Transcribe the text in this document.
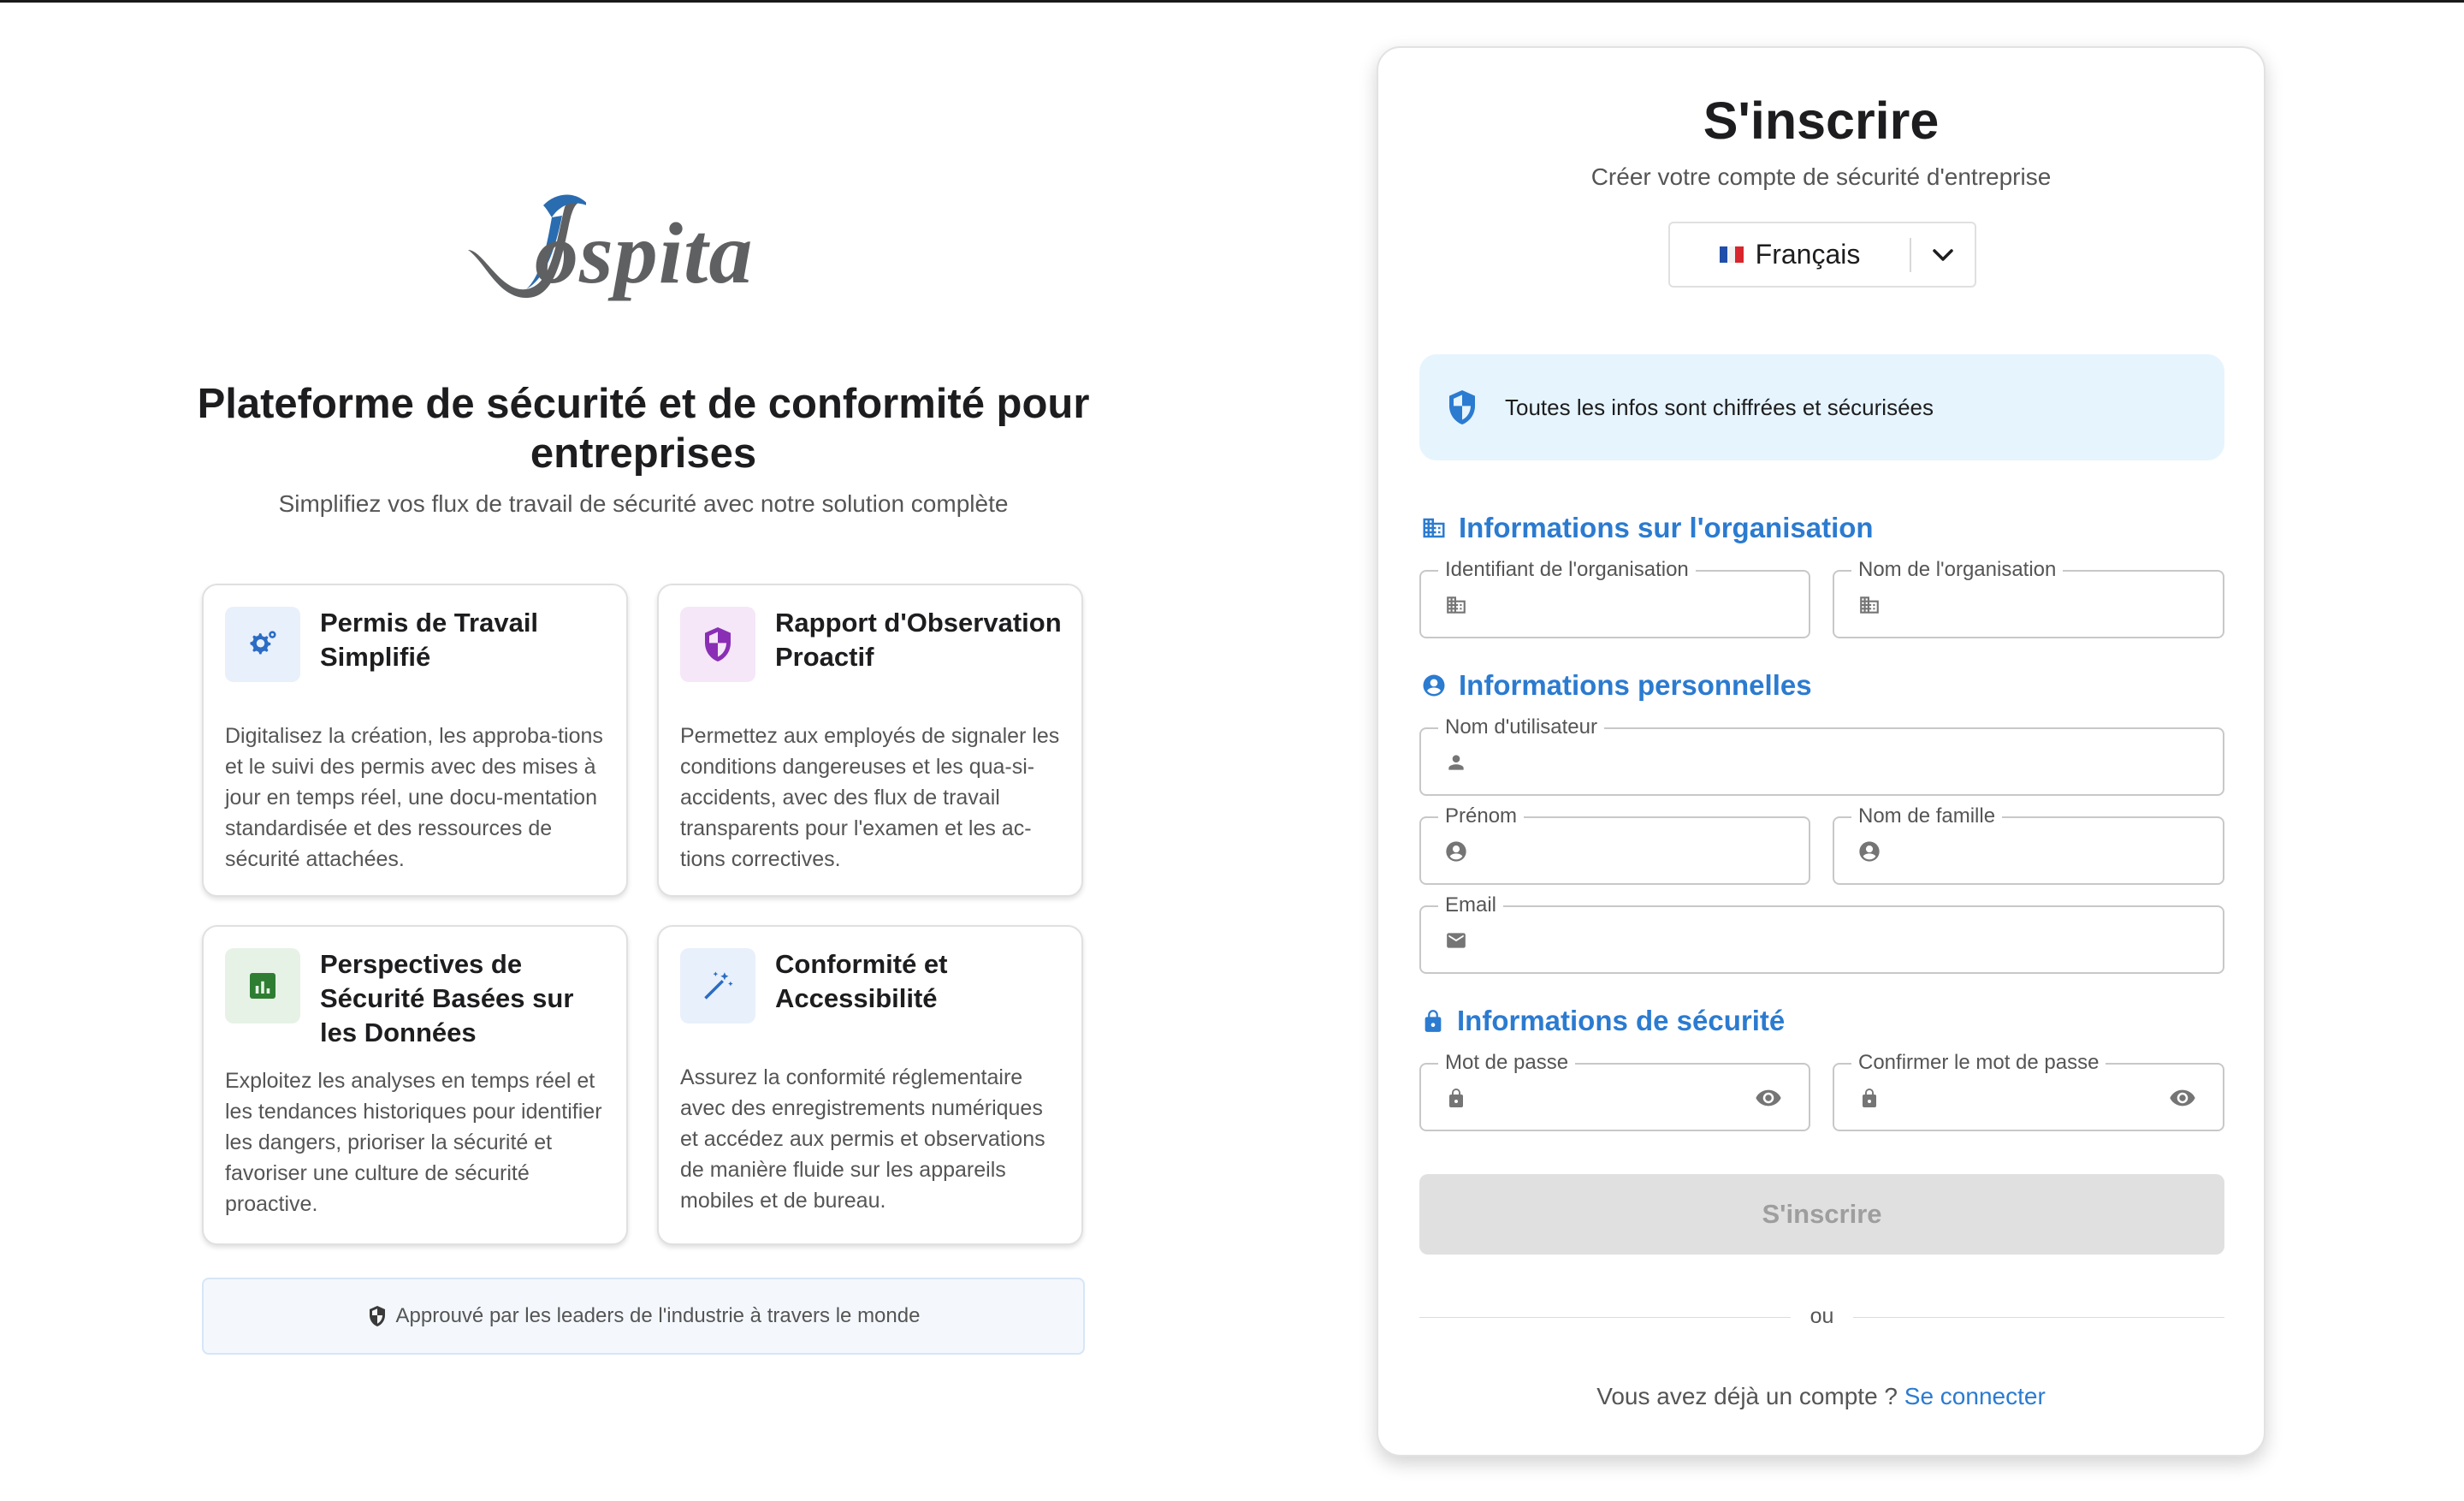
ospita
Plateforme de sécurité et de conformité pour entreprises

Simplifiez vos flux de travail de sécurité avec notre solution complète

Permis de Travail Simplifié
Digitalisez la création, les approba-tions et le suivi des permis avec des mises à jour en temps réel, une docu-mentation standardisée et des ressources de sécurité attachées.
Rapport d'Observation Proactif
Permettez aux employés de signaler les conditions dangereuses et les qua-si-accidents, avec des flux de travail transparents pour l'examen et les ac-tions correctives.
Perspectives de Sécurité Basées sur les Données
Exploitez les analyses en temps réel et les tendances historiques pour identifier les dangers, prioriser la sécurité et favoriser une culture de sécurité proactive.
Conformité et Accessibilité
Assurez la conformité réglementaire avec des enregistrements numériques et accédez aux permis et observations de manière fluide sur les appareils mobiles et de bureau.
Approuvé par les leaders de l'industrie à travers le monde
S'inscrire

Créer votre compte de sécurité d'entreprise

Français
Toutes les infos sont chiffrées et sécurisées
Informations sur l'organisation
Identifiant de l'organisation	Nom de l'organisation
Informations personnelles
Nom d'utilisateur
Prénom	Nom de famille
Email
Informations de sécurité
Mot de passe	Confirmer le mot de passe
S'inscrire
ou

Vous avez déjà un compte ? Se connecter
